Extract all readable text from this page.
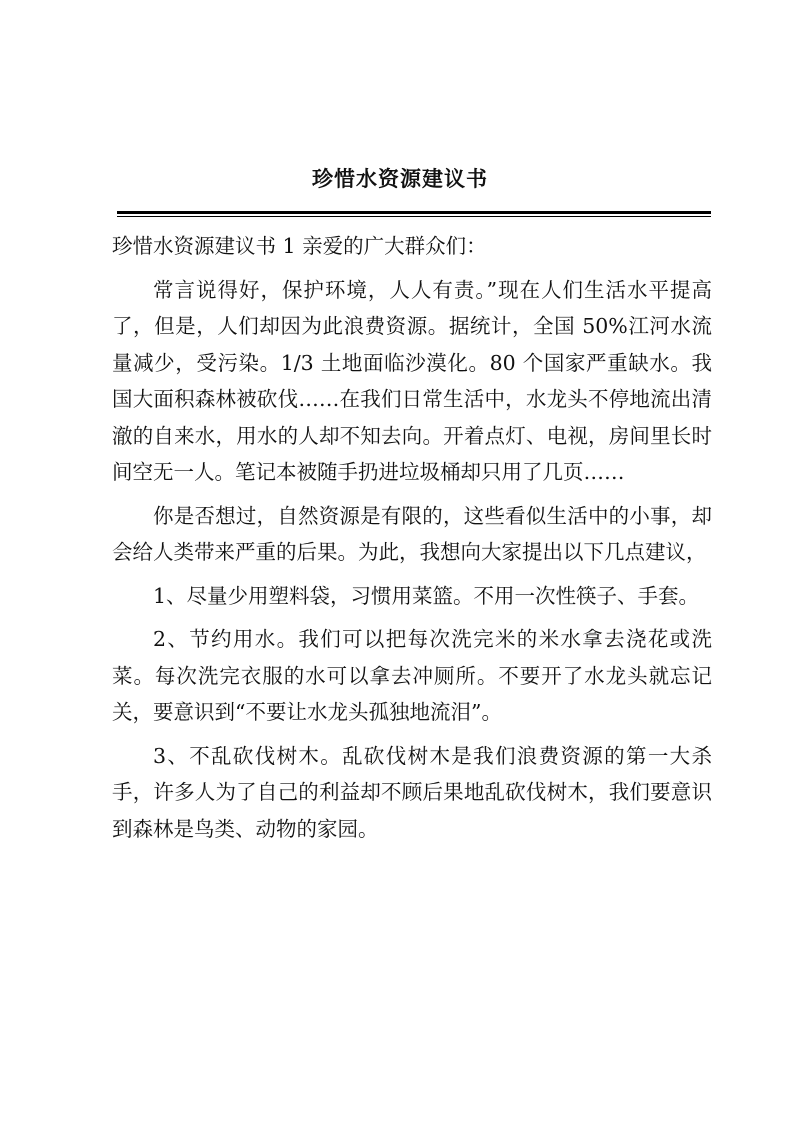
珍惜水资源建议书

珍惜水资源建议书 1 亲爱的广大群众们：

常言说得好，保护环境，人人有责。”现在人们生活水平提高了，但是，人们却因为此浪费资源。据统计，全国 50%江河水流量减少，受污染。1/3 土地面临沙漠化。80 个国家严重缺水。我国大面积森林被砍伐……在我们日常生活中，水龙头不停地流出清澈的自来水，用水的人却不知去向。开着点灯、电视，房间里长时间空无一人。笔记本被随手扔进垃圾桶却只用了几页……

你是否想过，自然资源是有限的，这些看似生活中的小事，却会给人类带来严重的后果。为此，我想向大家提出以下几点建议，

1、尽量少用塑料袋，习惯用菜篮。不用一次性筷子、手套。

2、节约用水。我们可以把每次洗完米的米水拿去浇花或洗菜。每次洗完衣服的水可以拿去冲厕所。不要开了水龙头就忘记关，要意识到“不要让水龙头孤独地流泪”。

3、不乱砍伐树木。乱砍伐树木是我们浪费资源的第一大杀手，许多人为了自己的利益却不顾后果地乱砍伐树木，我们要意识到森林是鸟类、动物的家园。
